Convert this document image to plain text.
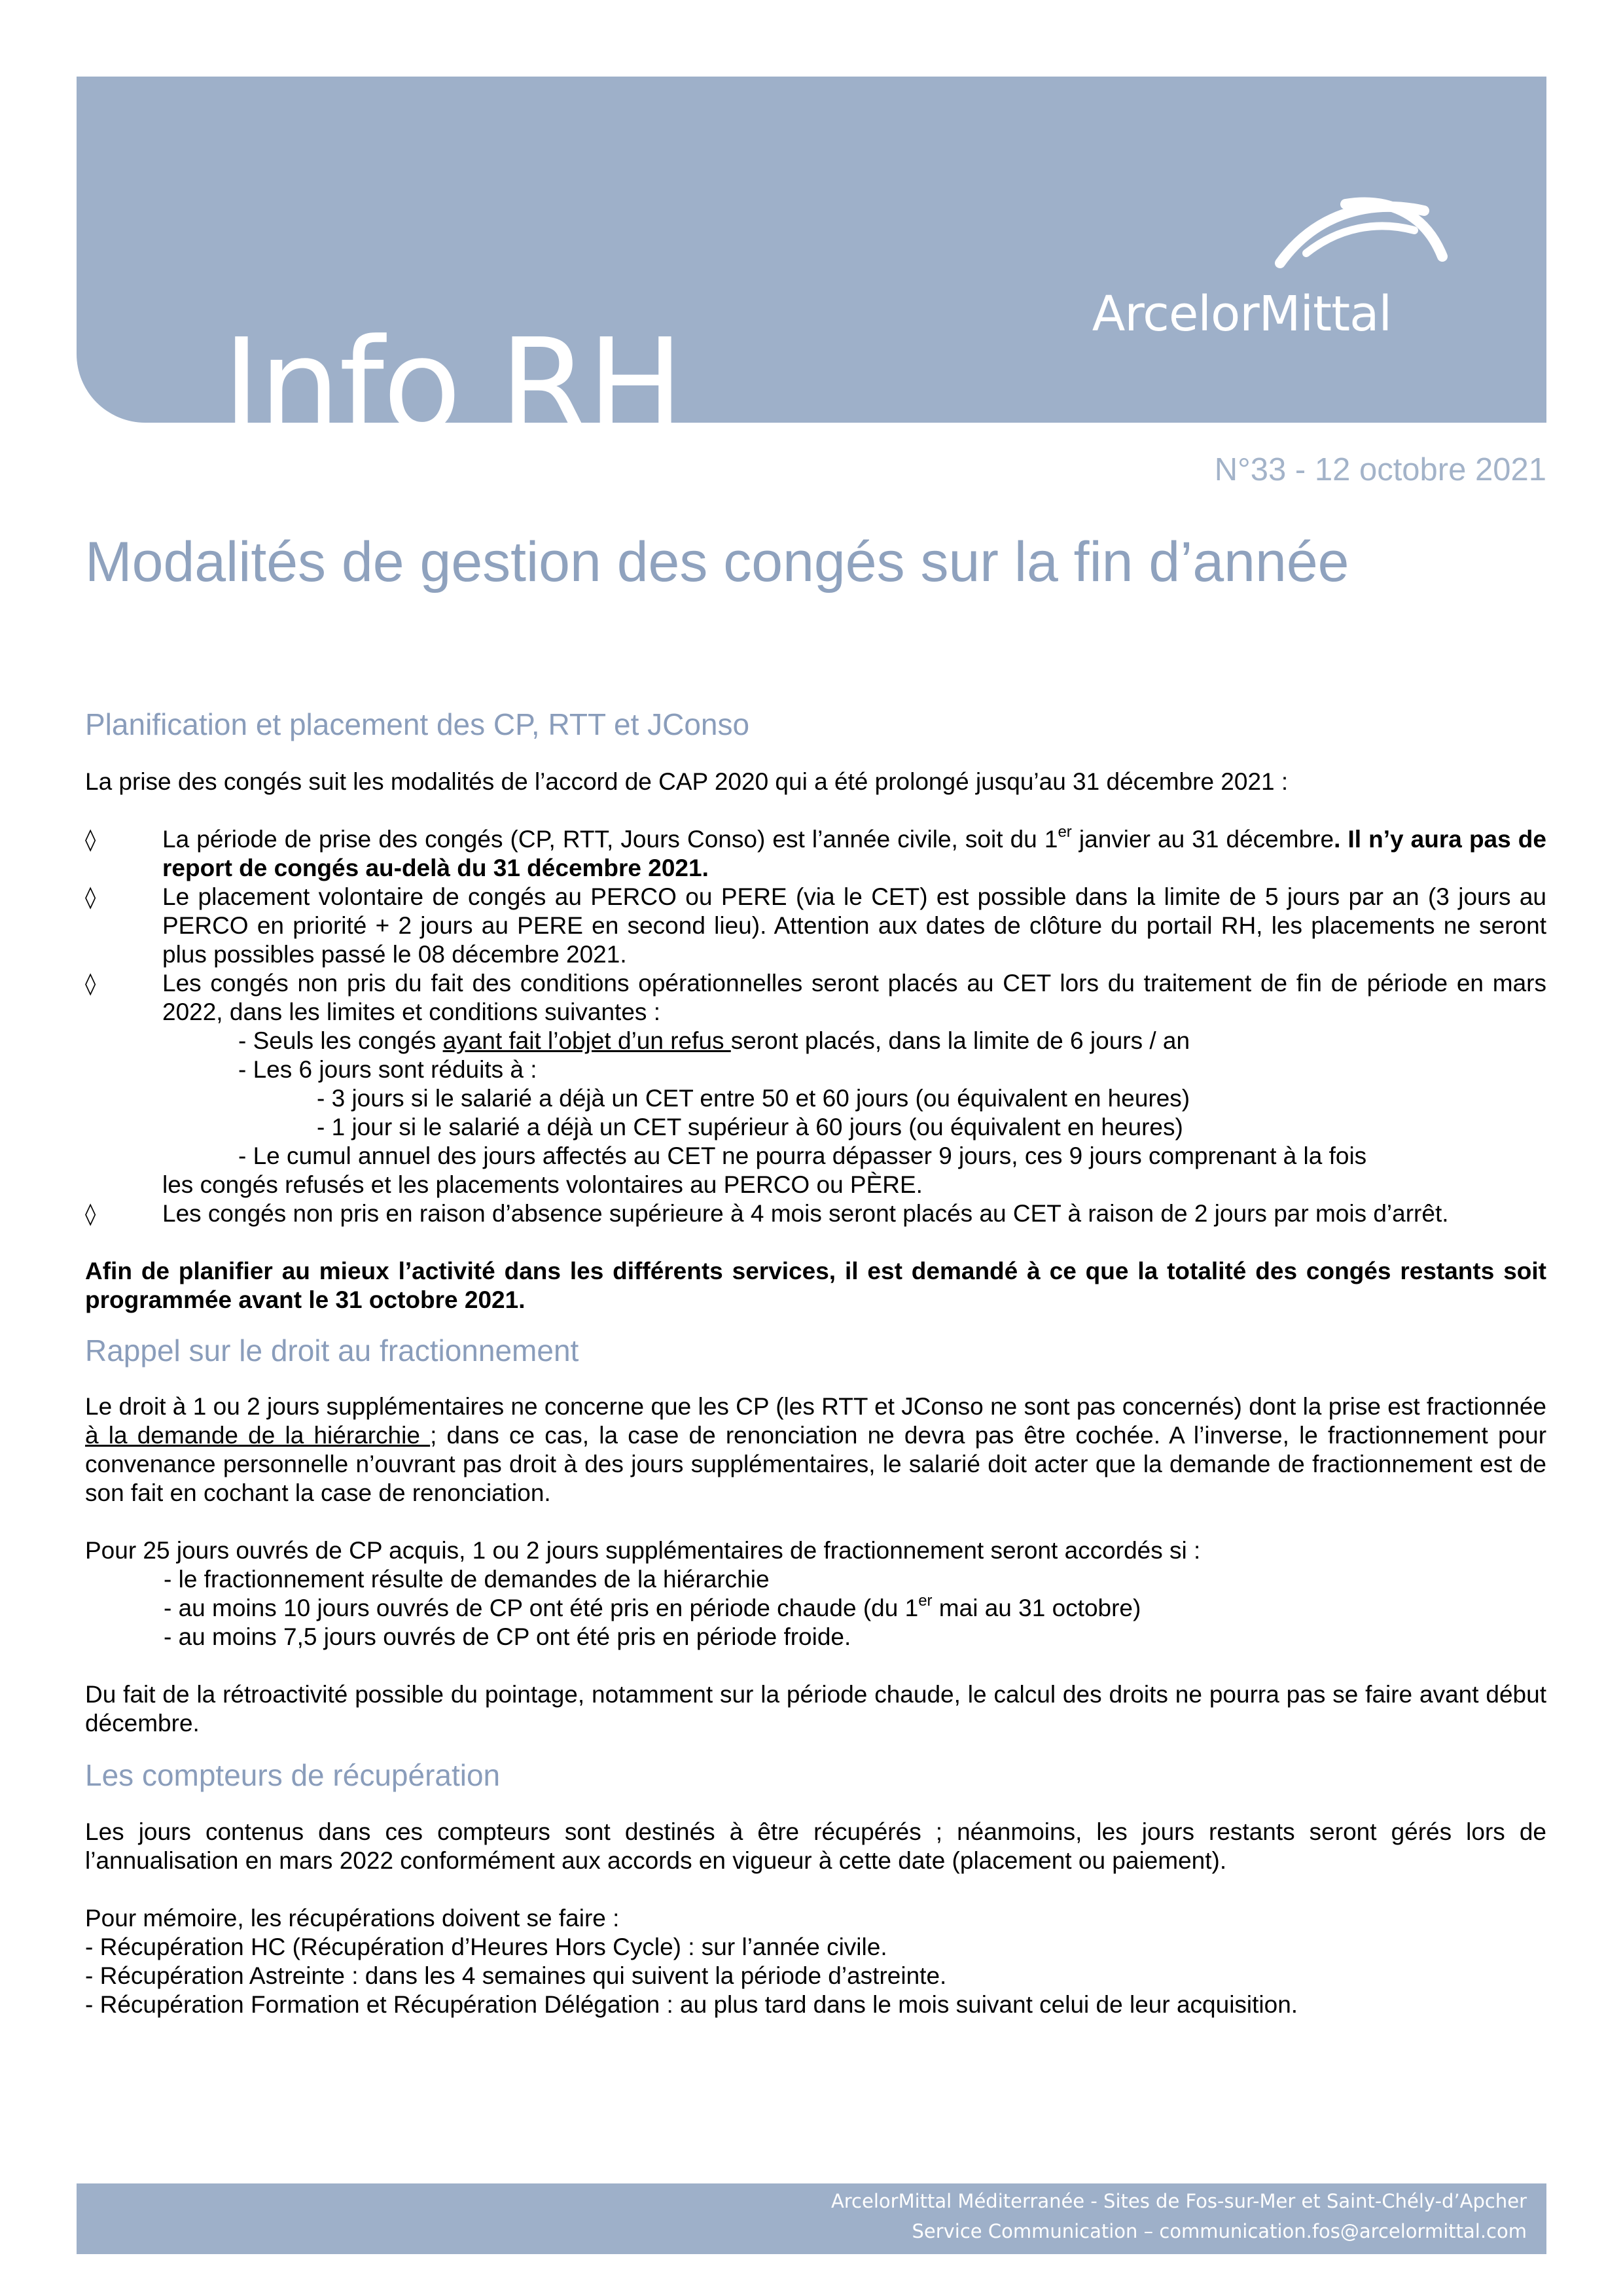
Info RH	ArcelorMittal
N°33 - 12 octobre 2021
Modalités de gestion des congés sur la fin d’année
Planification et placement des CP, RTT et JConso

La prise des congés suit les modalités de l’accord de CAP 2020 qui a été prolongé jusqu’au 31 décembre 2021 :

◊	La période de prise des congés (CP, RTT, Jours Conso) est l’année civile, soit du 1er janvier au 31 décembre. Il n’y aura pas de report de congés au-delà du 31 décembre 2021.
◊	Le placement volontaire de congés au PERCO ou PERE (via le CET) est possible dans la limite de 5 jours par an (3 jours au PERCO en priorité + 2 jours au PERE en second lieu). Attention aux dates de clôture du portail RH, les placements ne seront plus possibles passé le 08 décembre 2021.
◊	Les congés non pris du fait des conditions opérationnelles seront placés au CET lors du traitement de fin de période en mars 2022, dans les limites et conditions suivantes :
- Seuls les congés ayant fait l’objet d’un refus seront placés, dans la limite de 6 jours / an
- Les 6 jours sont réduits à :
- 3 jours si le salarié a déjà un CET entre 50 et 60 jours (ou équivalent en heures)
- 1 jour si le salarié a déjà un CET supérieur à 60 jours (ou équivalent en heures)
- Le cumul annuel des jours affectés au CET ne pourra dépasser 9 jours, ces 9 jours comprenant à la fois
les congés refusés et les placements volontaires au PERCO ou PÈRE.
◊	Les congés non pris en raison d’absence supérieure à 4 mois seront placés au CET à raison de 2 jours par mois d’arrêt.

Afin de planifier au mieux l’activité dans les différents services, il est demandé à ce que la totalité des congés restants soit programmée avant le 31 octobre 2021.

Rappel sur le droit au fractionnement

Le droit à 1 ou 2 jours supplémentaires ne concerne que les CP (les RTT et JConso ne sont pas concernés) dont la prise est fractionnée à la demande de la hiérarchie ; dans ce cas, la case de renonciation ne devra pas être cochée. A l’inverse, le fractionnement pour convenance personnelle n’ouvrant pas droit à des jours supplémentaires, le salarié doit acter que la demande de fractionnement est de son fait en cochant la case de renonciation.

Pour 25 jours ouvrés de CP acquis, 1 ou 2 jours supplémentaires de fractionnement seront accordés si :

- le fractionnement résulte de demandes de la hiérarchie
- au moins 10 jours ouvrés de CP ont été pris en période chaude (du 1er mai au 31 octobre)
- au moins 7,5 jours ouvrés de CP ont été pris en période froide.

Du fait de la rétroactivité possible du pointage, notamment sur la période chaude, le calcul des droits ne pourra pas se faire avant début décembre.

Les compteurs de récupération

Les jours contenus dans ces compteurs sont destinés à être récupérés ; néanmoins, les jours restants seront gérés lors de l’annualisation en mars 2022 conformément aux accords en vigueur à cette date (placement ou paiement).

Pour mémoire, les récupérations doivent se faire :

- Récupération HC (Récupération d’Heures Hors Cycle) : sur l’année civile.
- Récupération Astreinte : dans les 4 semaines qui suivent la période d’astreinte.
- Récupération Formation et Récupération Délégation : au plus tard dans le mois suivant celui de leur acquisition.
ArcelorMittal Méditerranée - Sites de Fos-sur-Mer et Saint-Chély-d’Apcher
Service Communication – communication.fos@arcelormittal.com
